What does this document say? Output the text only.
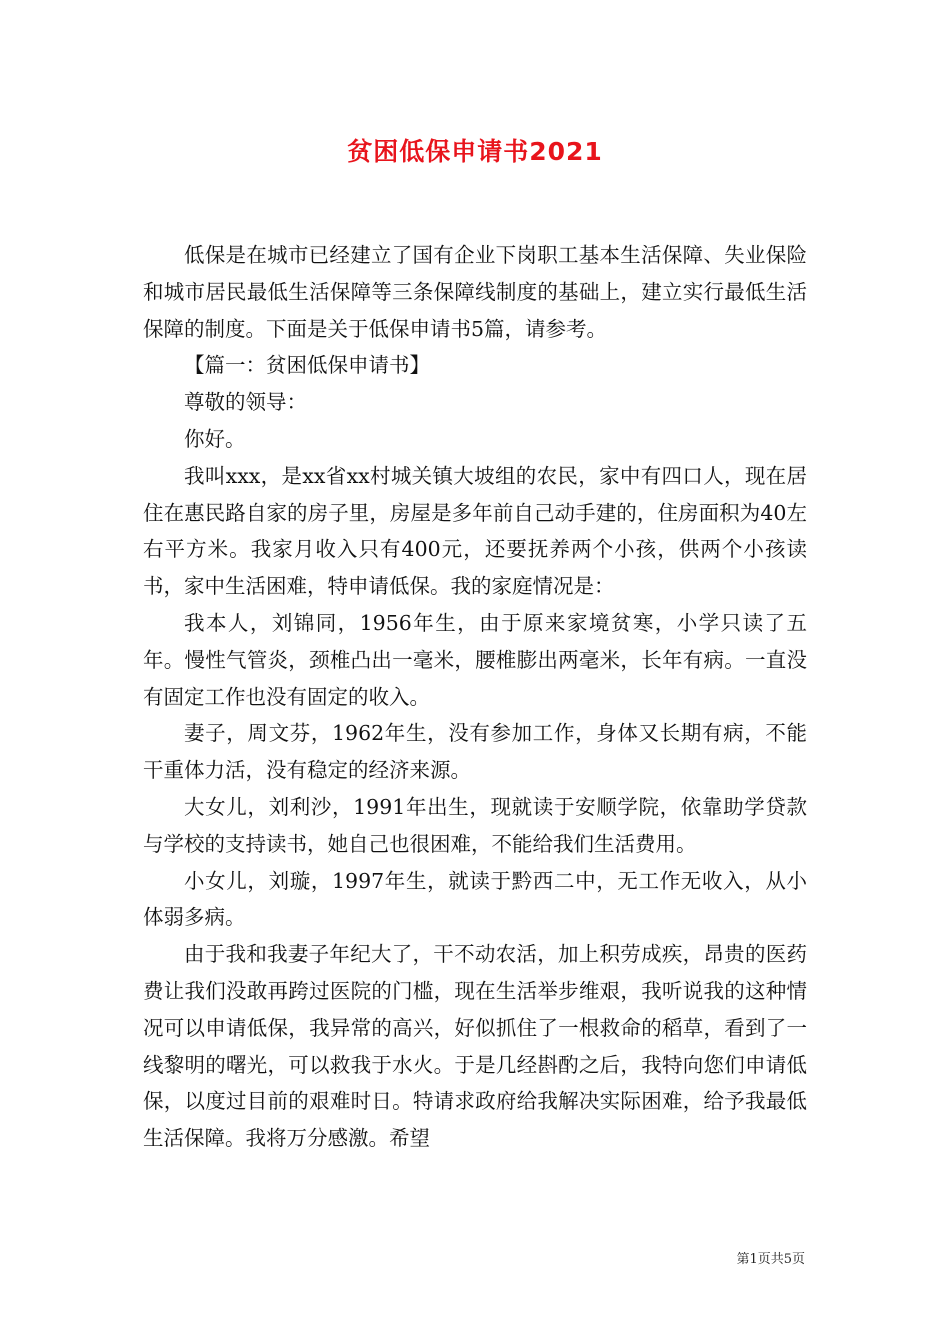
贫困低保申请书2021

低保是在城市已经建立了国有企业下岗职工基本生活保障、失业保险和城市居民最低生活保障等三条保障线制度的基础上，建立实行最低生活保障的制度。下面是关于低保申请书5篇，请参考。

【篇一：贫困低保申请书】

尊敬的领导：

你好。

我叫xxx，是xx省xx村城关镇大坡组的农民，家中有四口人，现在居住在惠民路自家的房子里，房屋是多年前自己动手建的，住房面积为40左右平方米。我家月收入只有400元，还要抚养两个小孩，供两个小孩读书，家中生活困难，特申请低保。我的家庭情况是：

我本人，刘锦同，1956年生，由于原来家境贫寒，小学只读了五年。慢性气管炎，颈椎凸出一毫米，腰椎膨出两毫米，长年有病。一直没有固定工作也没有固定的收入。

妻子，周文芬，1962年生，没有参加工作，身体又长期有病，不能干重体力活，没有稳定的经济来源。

大女儿，刘利沙，1991年出生，现就读于安顺学院，依靠助学贷款与学校的支持读书，她自己也很困难，不能给我们生活费用。

小女儿，刘璇，1997年生，就读于黔西二中，无工作无收入，从小体弱多病。

由于我和我妻子年纪大了，干不动农活，加上积劳成疾，昂贵的医药费让我们没敢再跨过医院的门槛，现在生活举步维艰，我听说我的这种情况可以申请低保，我异常的高兴，好似抓住了一根救命的稻草，看到了一线黎明的曙光，可以救我于水火。于是几经斟酌之后，我特向您们申请低保，以度过目前的艰难时日。特请求政府给我解决实际困难，给予我最低生活保障。我将万分感激。希望

第1页共5页
